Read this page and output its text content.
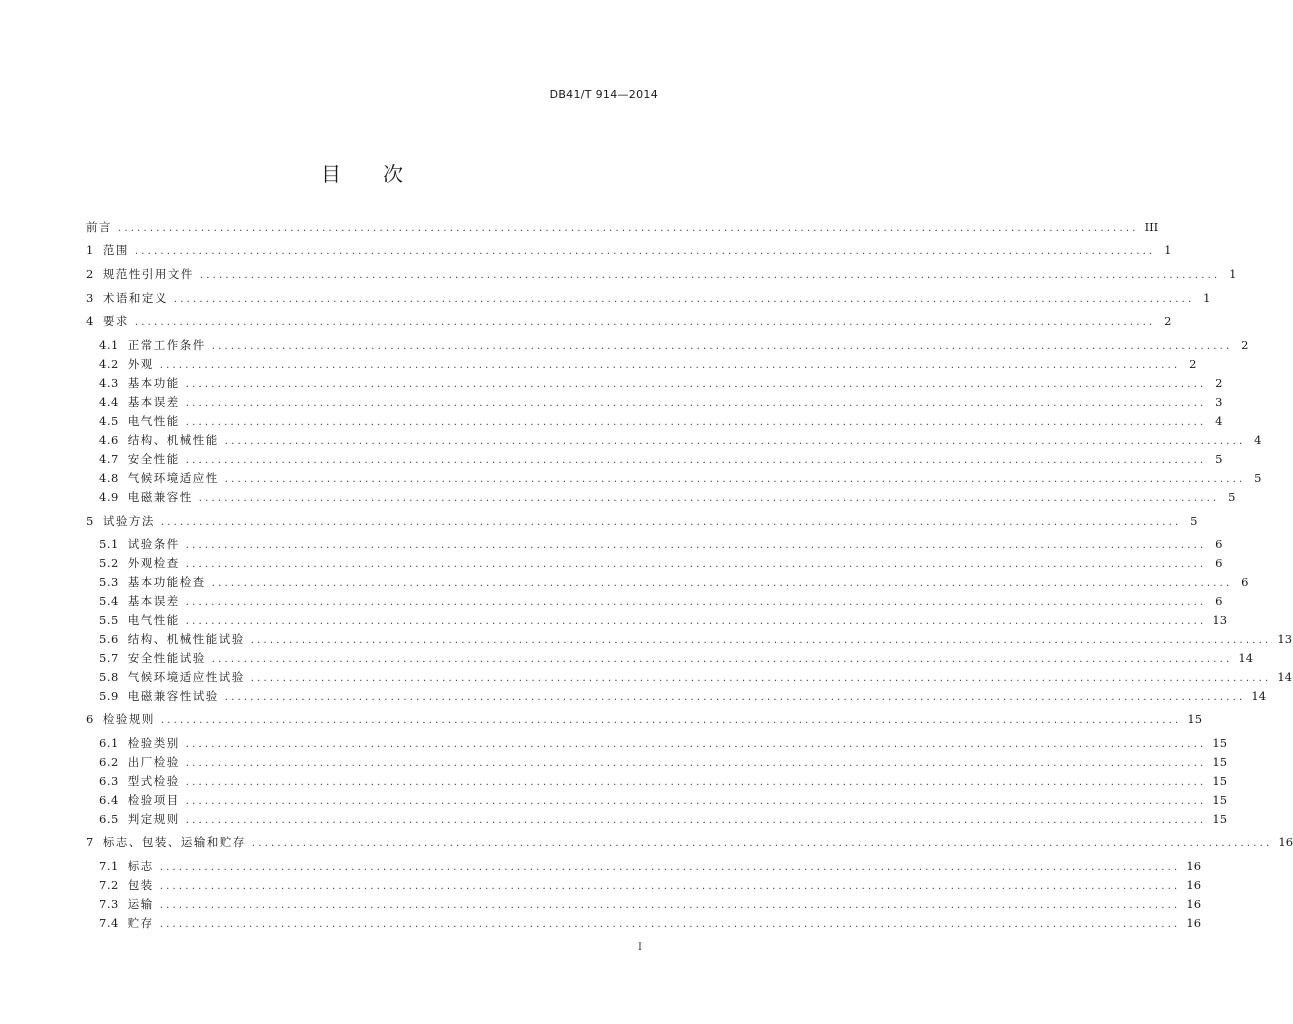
DB41/T 914—2014
目 次
前言 ................................................................................................................................................................ III
1 范围 ................................................................................................................................................................ 1
2 规范性引用文件 ................................................................................................................................................................ 1
3 术语和定义 ................................................................................................................................................................ 1
4 要求 ................................................................................................................................................................ 2
4.1 正常工作条件 ................................................................................................................................................................ 2
4.2 外观 ................................................................................................................................................................ 2
4.3 基本功能 ................................................................................................................................................................ 2
4.4 基本误差 ................................................................................................................................................................ 3
4.5 电气性能 ................................................................................................................................................................ 4
4.6 结构、机械性能 ................................................................................................................................................................ 4
4.7 安全性能 ................................................................................................................................................................ 5
4.8 气候环境适应性 ................................................................................................................................................................ 5
4.9 电磁兼容性 ................................................................................................................................................................ 5
5 试验方法 ................................................................................................................................................................ 5
5.1 试验条件 ................................................................................................................................................................ 6
5.2 外观检查 ................................................................................................................................................................ 6
5.3 基本功能检查 ................................................................................................................................................................ 6
5.4 基本误差 ................................................................................................................................................................ 6
5.5 电气性能 ................................................................................................................................................................ 13
5.6 结构、机械性能试验 ................................................................................................................................................................ 13
5.7 安全性能试验 ................................................................................................................................................................ 14
5.8 气候环境适应性试验 ................................................................................................................................................................ 14
5.9 电磁兼容性试验 ................................................................................................................................................................ 14
6 检验规则 ................................................................................................................................................................ 15
6.1 检验类别 ................................................................................................................................................................ 15
6.2 出厂检验 ................................................................................................................................................................ 15
6.3 型式检验 ................................................................................................................................................................ 15
6.4 检验项目 ................................................................................................................................................................ 15
6.5 判定规则 ................................................................................................................................................................ 15
7 标志、包装、运输和贮存 ................................................................................................................................................................ 16
7.1 标志 ................................................................................................................................................................ 16
7.2 包装 ................................................................................................................................................................ 16
7.3 运输 ................................................................................................................................................................ 16
7.4 贮存 ................................................................................................................................................................ 16
I
